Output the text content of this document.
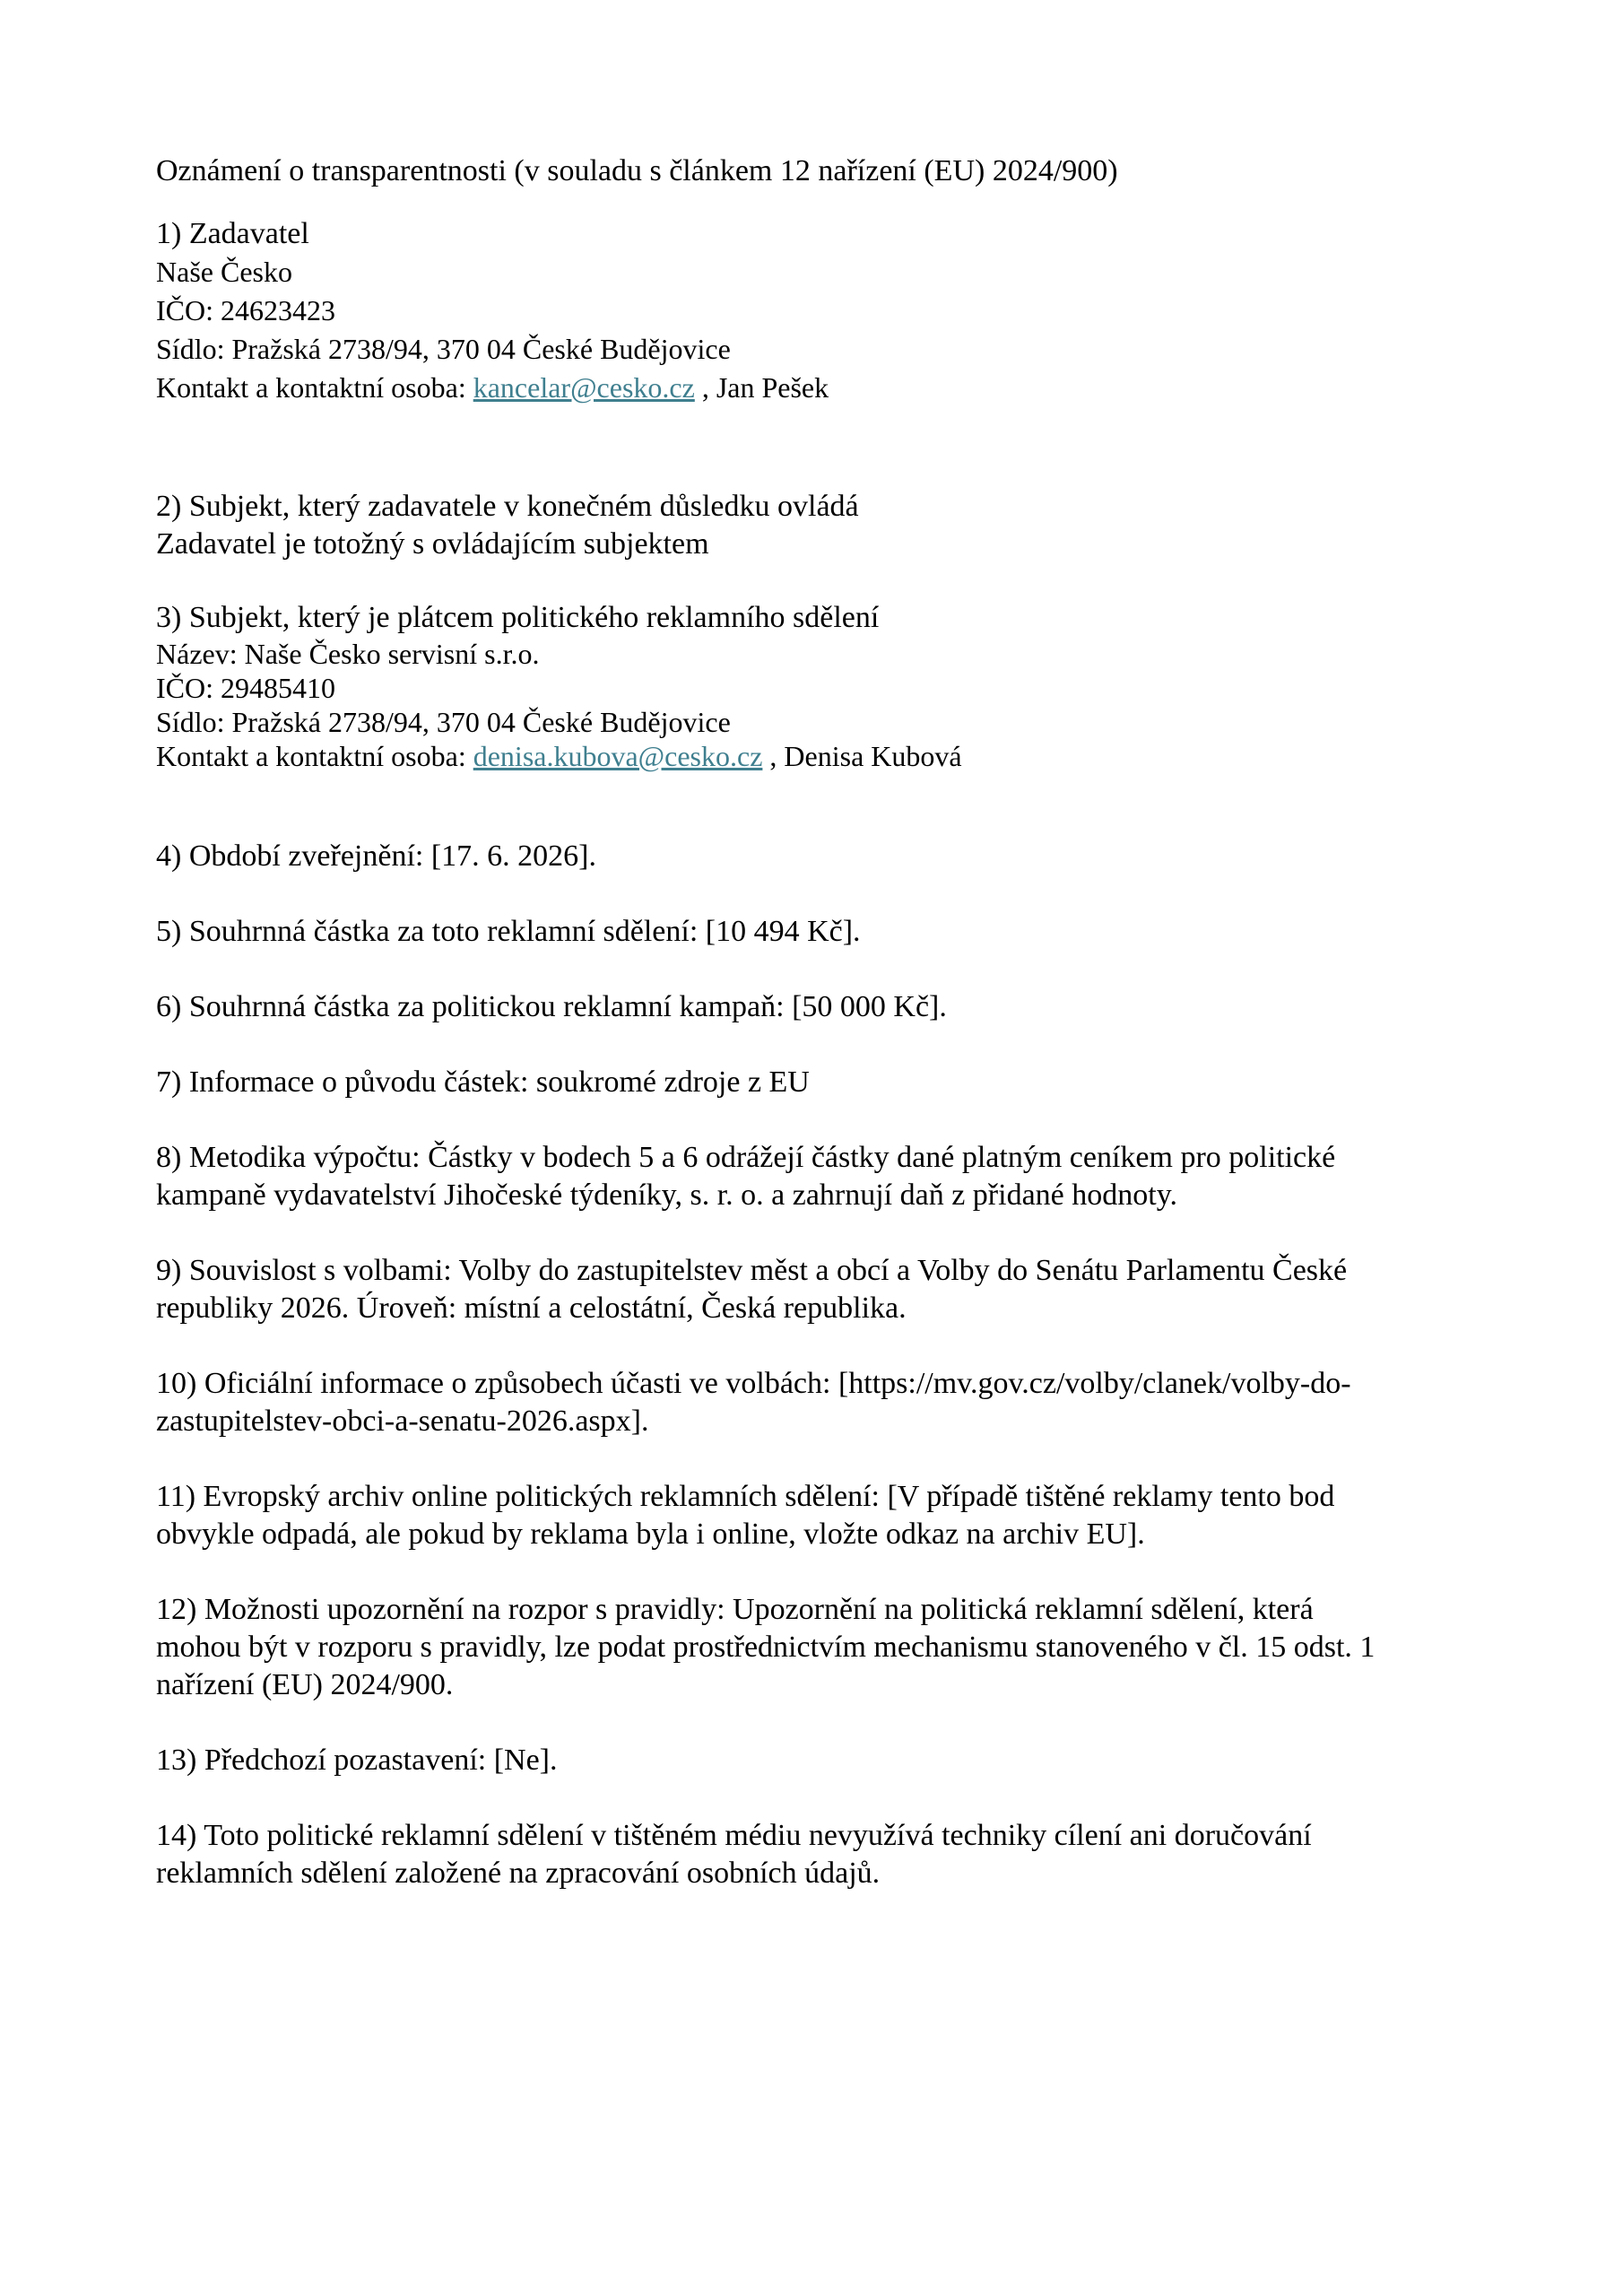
Oznámení o transparentnosti (v souladu s článkem 12 nařízení (EU) 2024/900)

1) Zadavatel

Naše Česko

IČO: 24623423

Sídlo: Pražská 2738/94, 370 04 České Budějovice

Kontakt a kontaktní osoba: kancelar@cesko.cz , Jan Pešek

2) Subjekt, který zadavatele v konečném důsledku ovládá

Zadavatel je totožný s ovládajícím subjektem

3) Subjekt, který je plátcem politického reklamního sdělení

Název: Naše Česko servisní s.r.o.

IČO: 29485410

Sídlo: Pražská 2738/94, 370 04 České Budějovice

Kontakt a kontaktní osoba: denisa.kubova@cesko.cz , Denisa Kubová

4) Období zveřejnění: [17. 6. 2026].

5) Souhrnná částka za toto reklamní sdělení: [10 494 Kč].

6) Souhrnná částka za politickou reklamní kampaň: [50 000 Kč].

7) Informace o původu částek: soukromé zdroje z EU

8) Metodika výpočtu: Částky v bodech 5 a 6 odrážejí částky dané platným ceníkem pro politické

kampaně vydavatelství Jihočeské týdeníky, s. r. o. a zahrnují daň z přidané hodnoty.

9) Souvislost s volbami: Volby do zastupitelstev měst a obcí a Volby do Senátu Parlamentu České

republiky 2026. Úroveň: místní a celostátní, Česká republika.

10) Oficiální informace o způsobech účasti ve volbách: [https://mv.gov.cz/volby/clanek/volby-do-

zastupitelstev-obci-a-senatu-2026.aspx].

11) Evropský archiv online politických reklamních sdělení: [V případě tištěné reklamy tento bod

obvykle odpadá, ale pokud by reklama byla i online, vložte odkaz na archiv EU].

12) Možnosti upozornění na rozpor s pravidly: Upozornění na politická reklamní sdělení, která

mohou být v rozporu s pravidly, lze podat prostřednictvím mechanismu stanoveného v čl. 15 odst. 1

nařízení (EU) 2024/900.

13) Předchozí pozastavení: [Ne].

14) Toto politické reklamní sdělení v tištěném médiu nevyužívá techniky cílení ani doručování

reklamních sdělení založené na zpracování osobních údajů.
